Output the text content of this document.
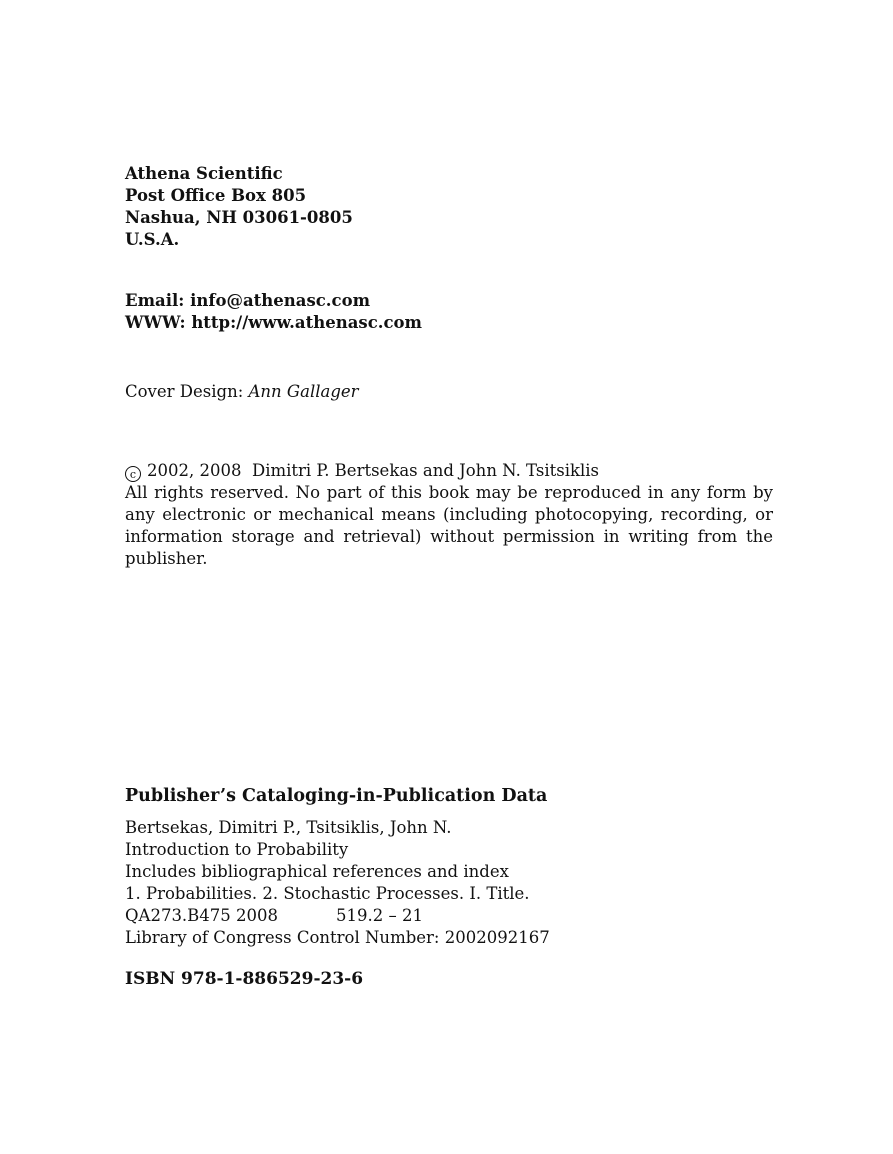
Athena Scientific
Post Office Box 805
Nashua, NH 03061-0805
U.S.A.
Email: info@athenasc.com
WWW: http://www.athenasc.com
Cover Design: Ann Gallager
c 2002, 2008  Dimitri P. Bertsekas and John N. Tsitsiklis
All rights reserved. No part of this book may be reproduced in any form by any electronic or mechanical means (including photocopying, recording, or information storage and retrieval) without permission in writing from the publisher.
Publisher’s Cataloging-in-Publication Data
Bertsekas, Dimitri P., Tsitsiklis, John N.
Introduction to Probability
Includes bibliographical references and index
1. Probabilities. 2. Stochastic Processes. I. Title.
QA273.B475 2008	519.2 – 21
Library of Congress Control Number: 2002092167
ISBN 978-1-886529-23-6
